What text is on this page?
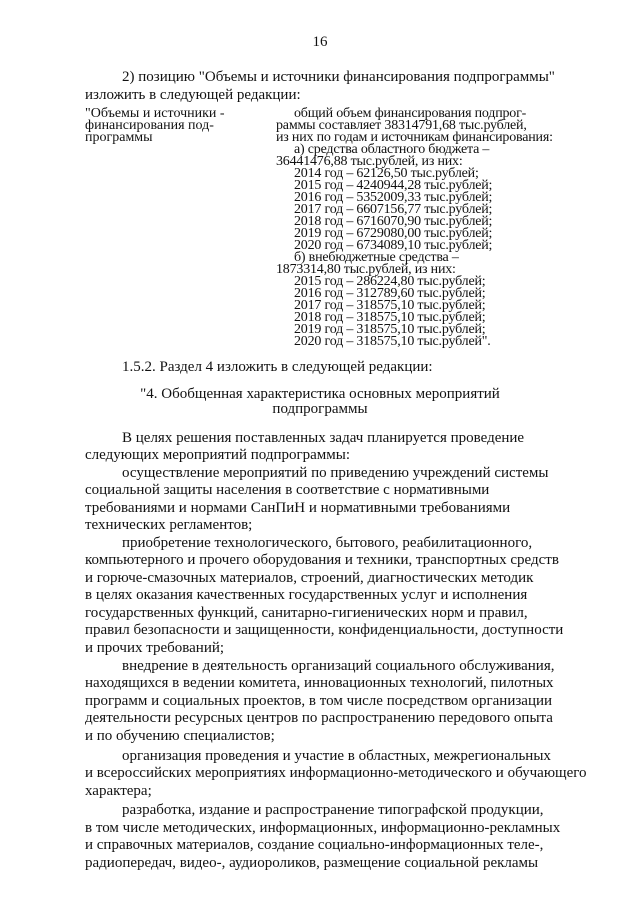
16
2) позицию "Объемы и источники финансирования подпрограммы"
изложить в следующей редакции:
"Объемы и источники -
финансирования под-
программы
общий объем финансирования подпрог-
раммы составляет 38314791,68 тыс.рублей,
из них по годам и источникам финансирования:
а) средства областного бюджета –
36441476,88 тыс.рублей, из них:
2014 год – 62126,50 тыс.рублей;
2015 год – 4240944,28 тыс.рублей;
2016 год – 5352009,33 тыс.рублей;
2017 год – 6607156,77 тыс.рублей;
2018 год – 6716070,90 тыс.рублей;
2019 год – 6729080,00 тыс.рублей;
2020 год – 6734089,10 тыс.рублей;
б) внебюджетные средства –
1873314,80 тыс.рублей, из них:
2015 год – 286224,80 тыс.рублей;
2016 год – 312789,60 тыс.рублей;
2017 год – 318575,10 тыс.рублей;
2018 год – 318575,10 тыс.рублей;
2019 год – 318575,10 тыс.рублей;
2020 год – 318575,10 тыс.рублей".
1.5.2. Раздел 4 изложить в следующей редакции:
"4. Обобщенная характеристика основных мероприятий
подпрограммы
В целях решения поставленных задач планируется проведение
следующих мероприятий подпрограммы:
осуществление мероприятий по приведению учреждений системы
социальной защиты населения в соответствие с нормативными
требованиями и нормами СанПиН и нормативными требованиями
технических регламентов;
приобретение технологического, бытового, реабилитационного,
компьютерного и прочего оборудования и техники, транспортных средств
и горюче-смазочных материалов, строений, диагностических методик
в целях оказания качественных государственных услуг и исполнения
государственных функций, санитарно-гигиенических норм и правил,
правил безопасности и защищенности, конфиденциальности, доступности
и прочих требований;
внедрение в деятельность организаций социального обслуживания,
находящихся в ведении комитета, инновационных технологий, пилотных
программ и социальных проектов, в том числе посредством организации
деятельности ресурсных центров по распространению передового опыта
и по обучению специалистов;
организация проведения и участие в областных, межрегиональных
и всероссийских мероприятиях информационно-методического и обучающего
характера;
разработка, издание и распространение типографской продукции,
в том числе методических, информационных, информационно-рекламных
и справочных материалов, создание социально-информационных теле-,
радиопередач, видео-, аудиороликов, размещение социальной рекламы
